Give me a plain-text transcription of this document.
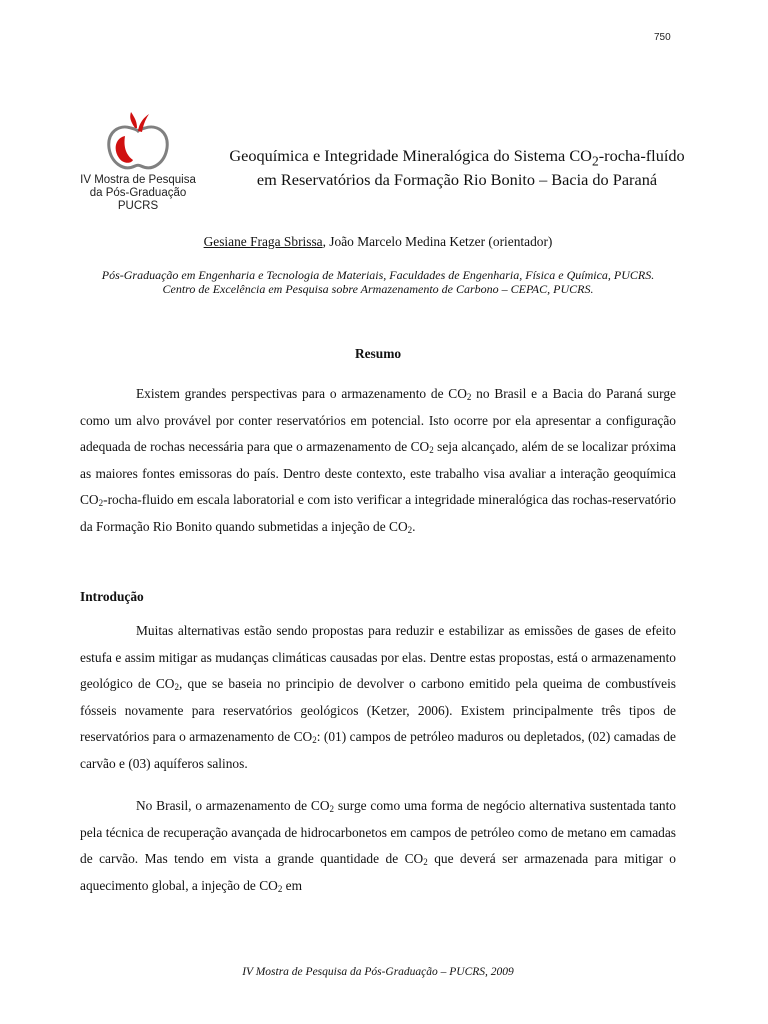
750
IV Mostra de Pesquisa
da Pós-Graduação
PUCRS
Geoquímica e Integridade Mineralógica do Sistema $CO_2-rocha$-fluído em Reservatórios da Formação Rio Bonito – Bacia do Paraná
Gesiane Fraga Sbrissa, João Marcelo Medina Ketzer (orientador)
Pós-Graduação em Engenharia e Tecnologia de Materiais, Faculdades de Engenharia, Física e Química, PUCRS.
Centro de Excelência em Pesquisa sobre Armazenamento de Carbono – CEPAC, PUCRS.
Resumo

Existem grandes perspectivas para o armazenamento de $CO_2$ no Brasil e a Bacia do Paraná surge como um alvo provável por conter reservatórios em potencial. Isto ocorre por ela apresentar a configuração adequada de rochas necessária para que o armazenamento de $CO_2$ seja alcançado, além de se localizar próxima as maiores fontes emissoras do país. Dentro deste contexto, este trabalho visa avaliar a interação geoquímica $CO_2-rocha$-fluido em escala laboratorial e com isto verificar a integridade mineralógica das rochas-reservatório da Formação Rio Bonito quando submetidas a injeção de $CO_2$.

Introdução

Muitas alternativas estão sendo propostas para reduzir e estabilizar as emissões de gases de efeito estufa e assim mitigar as mudanças climáticas causadas por elas. Dentre estas propostas, está o armazenamento geológico de $CO_2$, que se baseia no principio de devolver o carbono emitido pela queima de combustíveis fósseis novamente para reservatórios geológicos (Ketzer, 2006). Existem principalmente três tipos de reservatórios para o armazenamento de $CO_2$: (01) campos de petróleo maduros ou depletados, (02) camadas de carvão e (03) aquíferos salinos.

No Brasil, o armazenamento de $CO_2$ surge como uma forma de negócio alternativa sustentada tanto pela técnica de recuperação avançada de hidrocarbonetos em campos de petróleo como de metano em camadas de carvão. Mas tendo em vista a grande quantidade de $CO_2$ que deverá ser armazenada para mitigar o aquecimento global, a injeção de $CO_2$ em

IV Mostra de Pesquisa da Pós-Graduação – PUCRS, 2009
